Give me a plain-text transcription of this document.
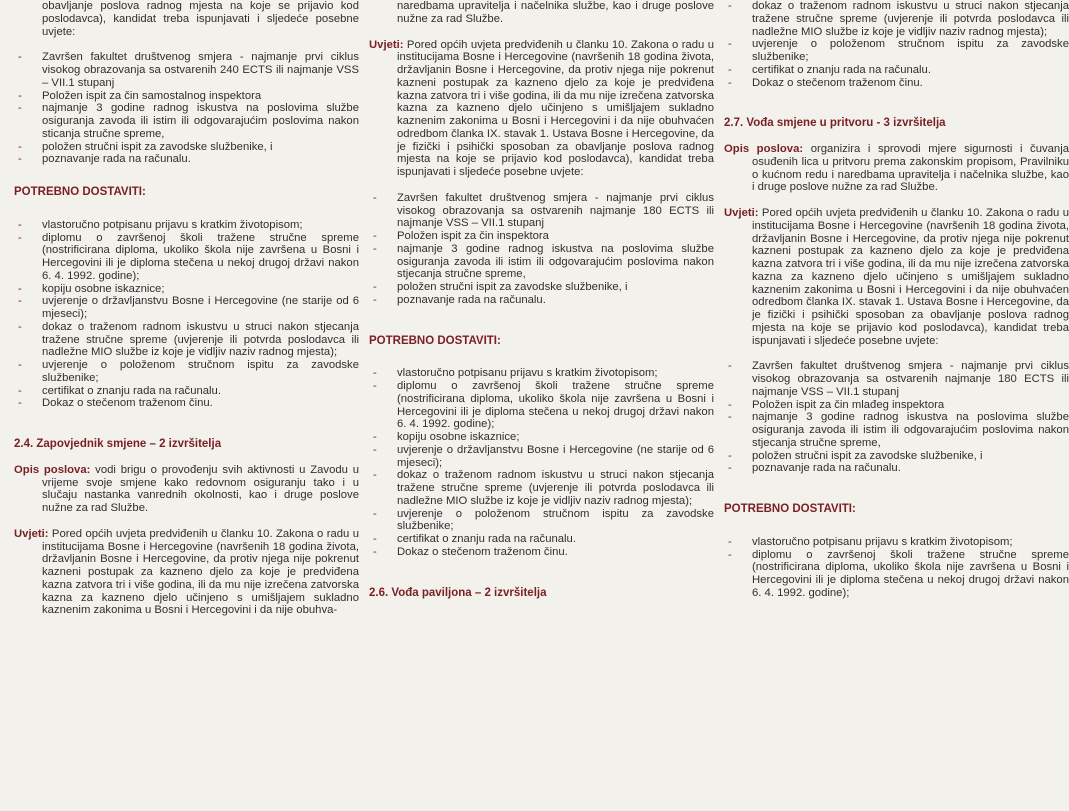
obavljanje poslova radnog mjesta na koje se prijavio kod poslodavca), kandidat treba ispunjavati i sljedeće posebne uvjete:

- Završen fakultet društvenog smjera - najmanje prvi ciklus visokog obrazovanja sa ostvarenih 240 ECTS ili najmanje VSS – VII.1 stupanj
- Položen ispit za čin samostalnog inspektora
- najmanje 3 godine radnog iskustva na poslovima službe osiguranja zavoda ili istim ili odgovarajućim poslovima nakon sticanja stručne spreme,
- položen stručni ispit za zavodske službenike, i
- poznavanje rada na računalu.

POTREBNO DOSTAVITI:

- vlastoručno potpisanu prijavu s kratkim životopisom;
- diplomu o završenoj školi tražene stručne spreme (nostrificirana diploma, ukoliko škola nije završena u Bosni i Hercegovini ili je diploma stečena u nekoj drugoj državi nakon 6. 4. 1992. godine);
- kopiju osobne iskaznice;
- uvjerenje o državljanstvu Bosne i Hercegovine (ne starije od 6 mjeseci);
- dokaz o traženom radnom iskustvu u struci nakon stjecanja tražene stručne spreme (uvjerenje ili potvrda poslodavca ili nadležne MIO službe iz koje je vidljiv naziv radnog mjesta);
- uvjerenje o položenom stručnom ispitu za zavodske službenike;
- certifikat o znanju rada na računalu.
- Dokaz o stečenom traženom činu.

2.4. Zapovjednik smjene – 2 izvršitelja

Opis poslova: vodi brigu o provođenju svih aktivnosti u Zavodu u vrijeme svoje smjene kako redovnom osiguranju tako i u slučaju nastanka vanrednih okolnosti, kao i druge poslove nužne za rad Službe.

Uvjeti: Pored općih uvjeta predviđenih u članku 10. Zakona o radu u institucijama Bosne i Hercegovine (navršenih 18 godina života, državljanin Bosne i Hercegovine, da protiv njega nije pokrenut kazneni postupak za kazneno djelo za koje je predviđena kazna zatvora tri i više godina, ili da mu nije izrečena zatvorska kazna za kazneno djelo učinjeno s umišljajem sukladno kaznenim zakonima u Bosni i Hercegovini i da nije obuhva-

naredbama upravitelja i načelnika službe, kao i druge poslove nužne za rad Službe.

Uvjeti: Pored općih uvjeta predviđenih u članku 10. Zakona o radu u institucijama Bosne i Hercegovine (navršenih 18 godina života, državljanin Bosne i Hercegovine, da protiv njega nije pokrenut kazneni postupak za kazneno djelo za koje je predviđena kazna zatvora tri i više godina, ili da mu nije izrečena zatvorska kazna za kazneno djelo učinjeno s umišljajem sukladno kaznenim zakonima u Bosni i Hercegovini i da nije obuhvaćen odredbom članka IX. stavak 1. Ustava Bosne i Hercegovine, da je fizički i psihički sposoban za obavljanje poslova radnog mjesta na koje se prijavio kod poslodavca), kandidat treba ispunjavati i sljedeće posebne uvjete:

- Završen fakultet društvenog smjera - najmanje prvi ciklus visokog obrazovanja sa ostvarenih najmanje 180 ECTS ili najmanje VSS – VII.1 stupanj
- Položen ispit za čin inspektora
- najmanje 3 godine radnog iskustva na poslovima službe osiguranja zavoda ili istim ili odgovarajućim poslovima nakon stjecanja stručne spreme,
- položen stručni ispit za zavodske službenike, i
- poznavanje rada na računalu.

POTREBNO DOSTAVITI:

- vlastoručno potpisanu prijavu s kratkim životopisom;
- diplomu o završenoj školi tražene stručne spreme (nostrificirana diploma, ukoliko škola nije završena u Bosni i Hercegovini ili je diploma stečena u nekoj drugoj državi nakon 6. 4. 1992. godine);
- kopiju osobne iskaznice;
- uvjerenje o državljanstvu Bosne i Hercegovine (ne starije od 6 mjeseci);
- dokaz o traženom radnom iskustvu u struci nakon stjecanja tražene stručne spreme (uvjerenje ili potvrda poslodavca ili nadležne MIO službe iz koje je vidljiv naziv radnog mjesta);
- uvjerenje o položenom stručnom ispitu za zavodske službenike;
- certifikat o znanju rada na računalu.
- Dokaz o stečenom traženom činu.

2.6. Vođa paviljona – 2 izvršitelja

- dokaz o traženom radnom iskustvu u struci nakon stjecanja tražene stručne spreme (uvjerenje ili potvrda poslodavca ili nadležne MIO službe iz koje je vidljiv naziv radnog mjesta);
- uvjerenje o položenom stručnom ispitu za zavodske službenike;
- certifikat o znanju rada na računalu.
- Dokaz o stečenom traženom činu.

2.7. Vođa smjene u pritvoru - 3 izvršitelja

Opis poslova: organizira i sprovodi mjere sigurnosti i čuvanja osuđenih lica u pritvoru prema zakonskim propisom, Pravilniku o kućnom redu i naredbama upravitelja i načelnika službe, kao i druge poslove nužne za rad Službe.

Uvjeti: Pored općih uvjeta predviđenih u članku 10. Zakona o radu u institucijama Bosne i Hercegovine (navršenih 18 godina života, državljanin Bosne i Hercegovine, da protiv njega nije pokrenut kazneni postupak za kazneno djelo za koje je predviđena kazna zatvora tri i više godina, ili da mu nije izrečena zatvorska kazna za kazneno djelo učinjeno s umišljajem sukladno kaznenim zakonima u Bosni i Hercegovini i da nije obuhvaćen odredbom članka IX. stavak 1. Ustava Bosne i Hercegovine, da je fizički i psihički sposoban za obavljanje poslova radnog mjesta na koje se prijavio kod poslodavca), kandidat treba ispunjavati i sljedeće posebne uvjete:

- Završen fakultet društvenog smjera - najmanje prvi ciklus visokog obrazovanja sa ostvarenih najmanje 180 ECTS ili najmanje VSS – VII.1 stupanj
- Položen ispit za čin mlađeg inspektora
- najmanje 3 godine radnog iskustva na poslovima službe osiguranja zavoda ili istim ili odgovarajućim poslovima nakon stjecanja stručne spreme,
- položen stručni ispit za zavodske službenike, i
- poznavanje rada na računalu.

POTREBNO DOSTAVITI:

- vlastoručno potpisanu prijavu s kratkim životopisom;
- diplomu o završenoj školi tražene stručne spreme (nostrificirana diploma, ukoliko škola nije završena u Bosni i Hercegovini ili je diploma stečena u nekoj drugoj državi nakon 6. 4. 1992. godine);
